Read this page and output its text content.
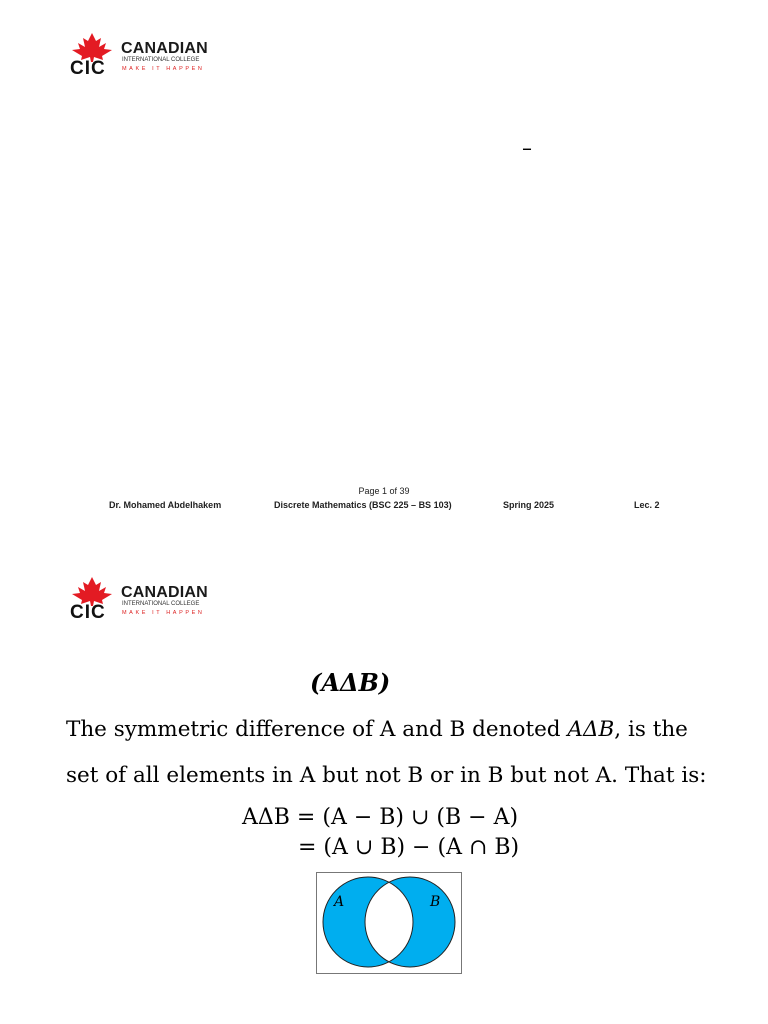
CIC
CANADIAN
INTERNATIONAL COLLEGE
MAKE IT HAPPEN
–
Page 1 of 39
Dr. Mohamed Abdelhakem	Discrete Mathematics (BSC 225 – BS 103)	Spring 2025	Lec. 2
CIC
CANADIAN
INTERNATIONAL COLLEGE
MAKE IT HAPPEN
(AΔB)
The symmetric difference of A and B denoted AΔB, is the set of all elements in A but not B or in B but not A. That is:
AΔB = (A − B) ∪ (B − A)
= (A ∪ B) − (A ∩ B)
A	B
